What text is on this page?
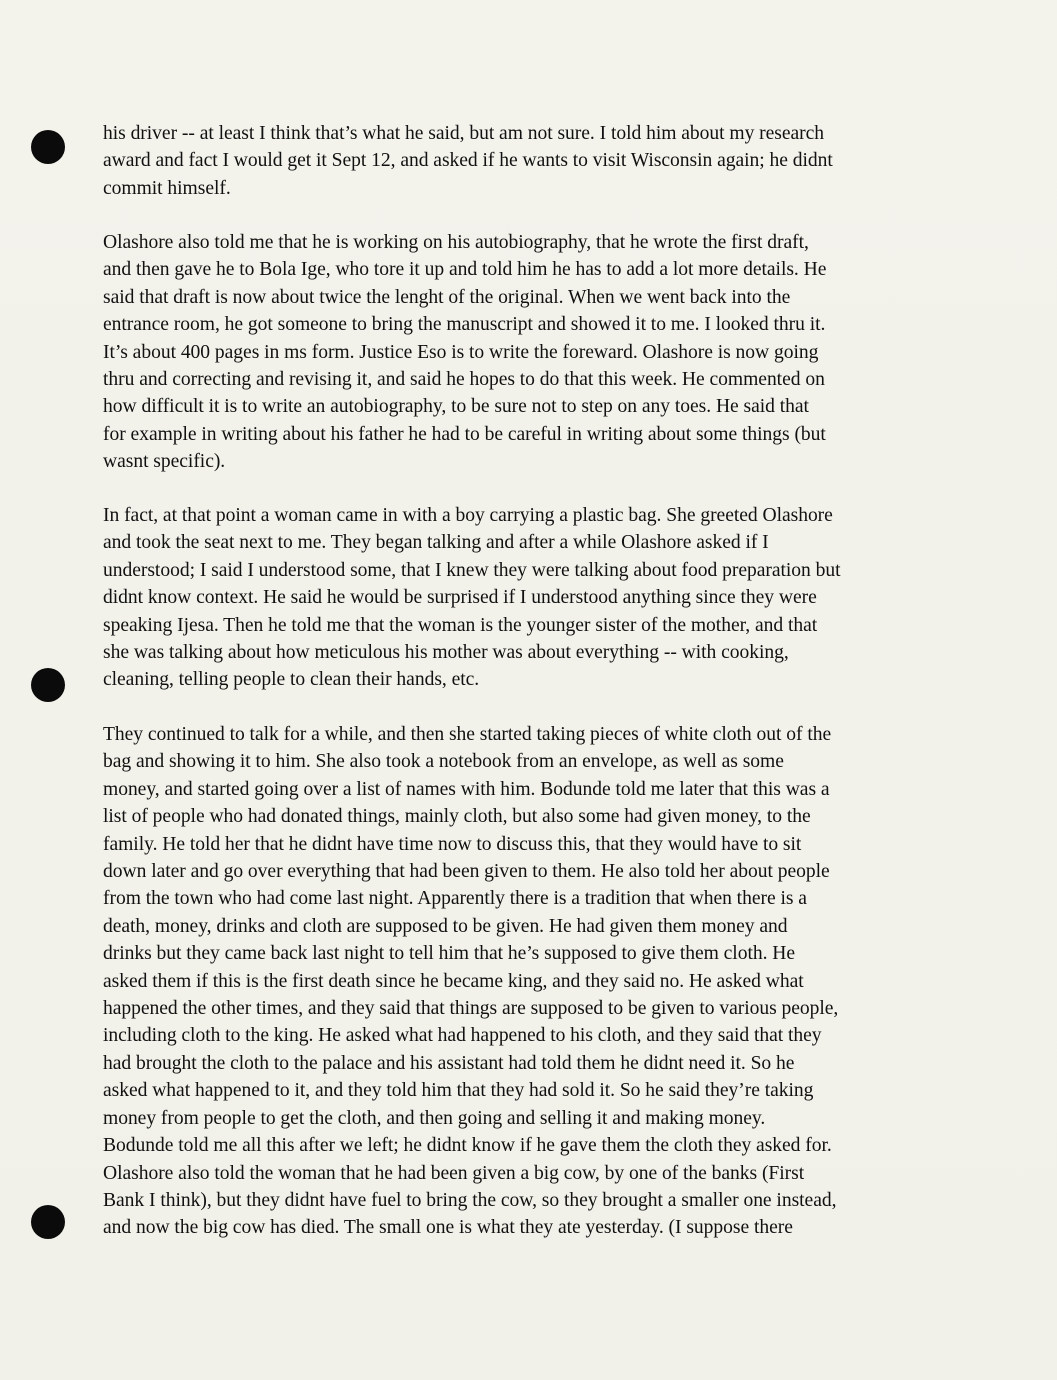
his driver -- at least I think that’s what he said, but am not sure. I told him about my research

award and fact I would get it Sept 12, and asked if he wants to visit Wisconsin again; he didnt

commit himself.

Olashore also told me that he is working on his autobiography, that he wrote the first draft,

and then gave he to Bola Ige, who tore it up and told him he has to add a lot more details. He

said that draft is now about twice the lenght of the original. When we went back into the

entrance room, he got someone to bring the manuscript and showed it to me. I looked thru it.

It’s about 400 pages in ms form. Justice Eso is to write the foreward. Olashore is now going

thru and correcting and revising it, and said he hopes to do that this week. He commented on

how difficult it is to write an autobiography, to be sure not to step on any toes. He said that

for example in writing about his father he had to be careful in writing about some things (but

wasnt specific).

In fact, at that point a woman came in with a boy carrying a plastic bag. She greeted Olashore

and took the seat next to me. They began talking and after a while Olashore asked if I

understood; I said I understood some, that I knew they were talking about food preparation but

didnt know context. He said he would be surprised if I understood anything since they were

speaking Ijesa. Then he told me that the woman is the younger sister of the mother, and that

she was talking about how meticulous his mother was about everything -- with cooking,

cleaning, telling people to clean their hands, etc.

They continued to talk for a while, and then she started taking pieces of white cloth out of the

bag and showing it to him. She also took a notebook from an envelope, as well as some

money, and started going over a list of names with him. Bodunde told me later that this was a

list of people who had donated things, mainly cloth, but also some had given money, to the

family. He told her that he didnt have time now to discuss this, that they would have to sit

down later and go over everything that had been given to them. He also told her about people

from the town who had come last night. Apparently there is a tradition that when there is a

death, money, drinks and cloth are supposed to be given. He had given them money and

drinks but they came back last night to tell him that he’s supposed to give them cloth. He

asked them if this is the first death since he became king, and they said no. He asked what

happened the other times, and they said that things are supposed to be given to various people,

including cloth to the king. He asked what had happened to his cloth, and they said that they

had brought the cloth to the palace and his assistant had told them he didnt need it. So he

asked what happened to it, and they told him that they had sold it. So he said they’re taking

money from people to get the cloth, and then going and selling it and making money.

Bodunde told me all this after we left; he didnt know if he gave them the cloth they asked for.

Olashore also told the woman that he had been given a big cow, by one of the banks (First

Bank I think), but they didnt have fuel to bring the cow, so they brought a smaller one instead,

and now the big cow has died. The small one is what they ate yesterday. (I suppose there
